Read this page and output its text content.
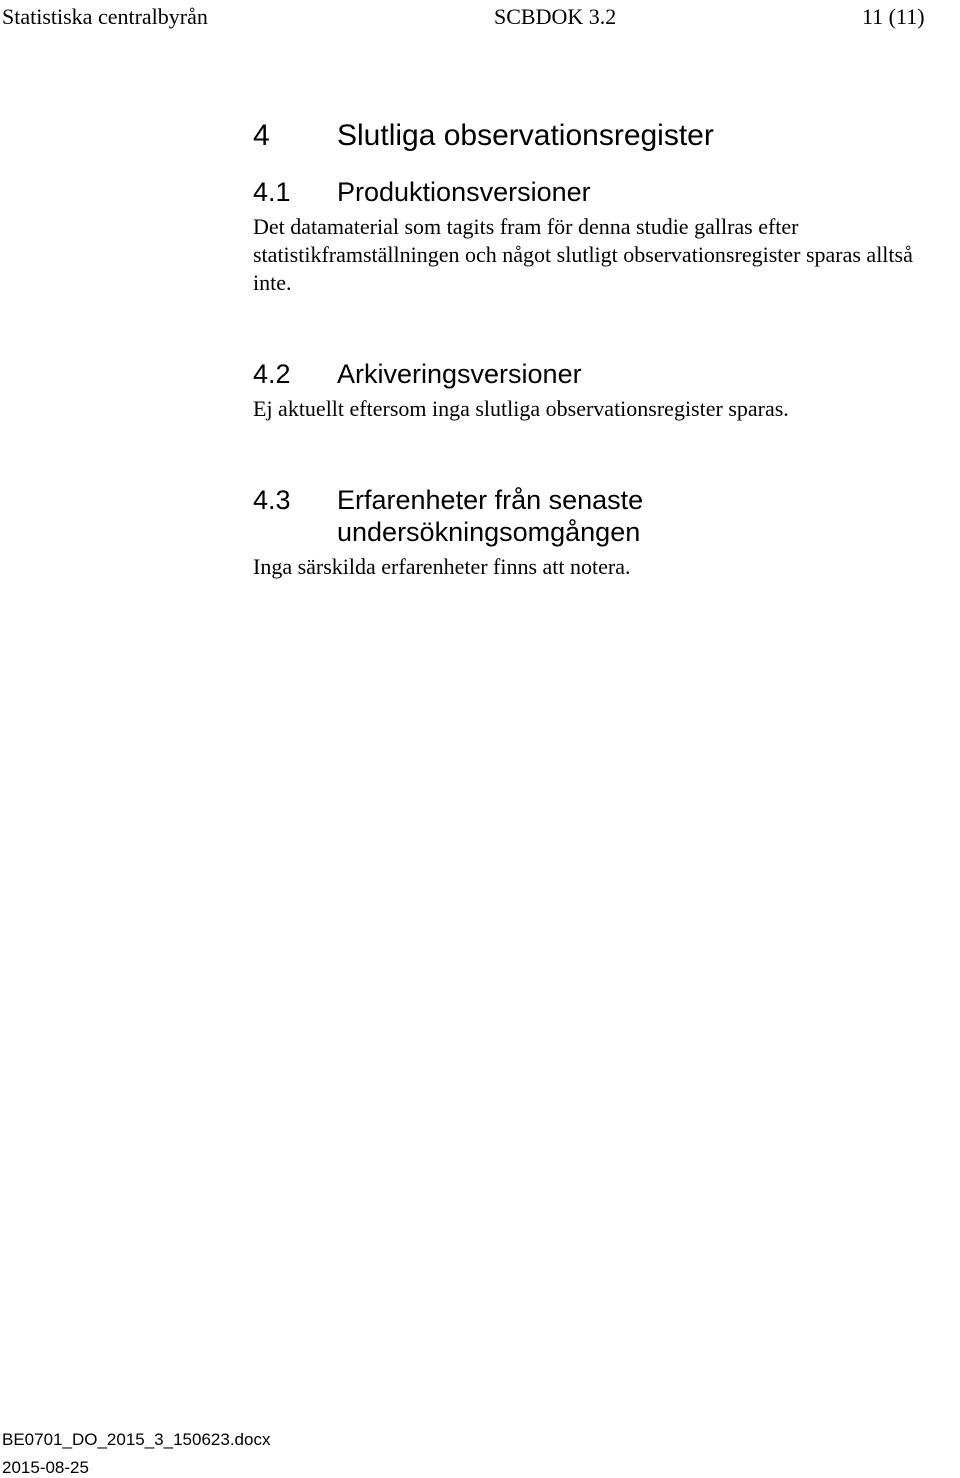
Statistiska centralbyrån	SCBDOK 3.2	11 (11)
4 Slutliga observationsregister
4.1 Produktionsversioner

Det datamaterial som tagits fram för denna studie gallras efter statistikframställningen och något slutligt observationsregister sparas alltså inte.

4.2 Arkiveringsversioner

Ej aktuellt eftersom inga slutliga observationsregister sparas.

4.3 Erfarenheter från senaste
undersökningsomgången

Inga särskilda erfarenheter finns att notera.

BE0701_DO_2015_3_150623.docx
2015-08-25
